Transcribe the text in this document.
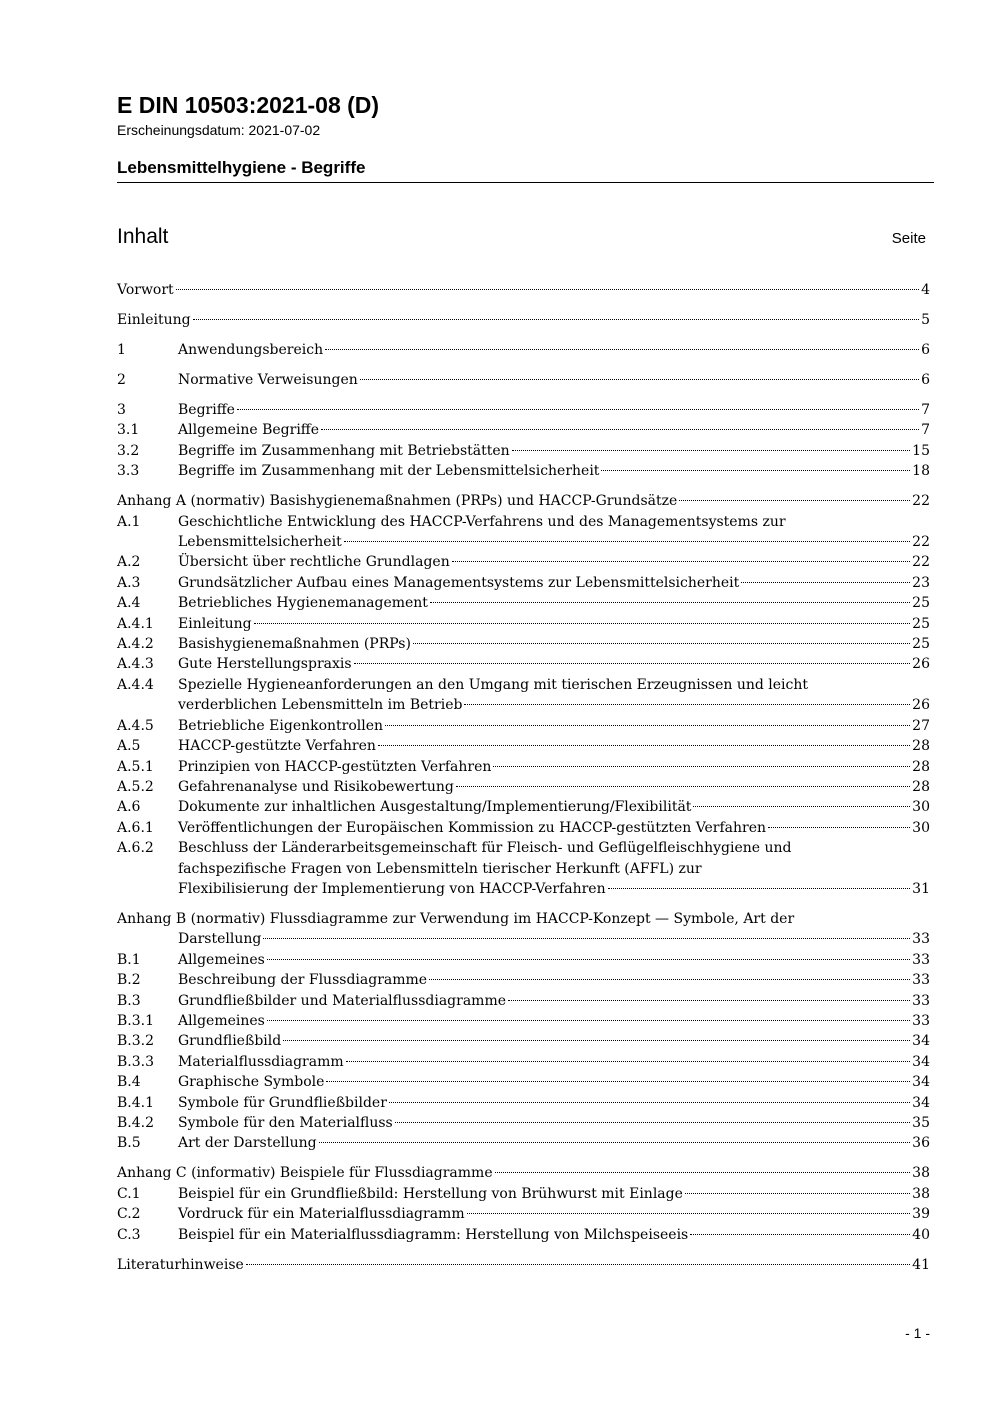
E DIN 10503:2021-08 (D)
Erscheinungsdatum: 2021-07-02
Lebensmittelhygiene - Begriffe
Inhalt	Seite
Vorwort	4
Einleitung	5
1	Anwendungsbereich	6
2	Normative Verweisungen	6
3	Begriffe	7
3.1	Allgemeine Begriffe	7
3.2	Begriffe im Zusammenhang mit Betriebstätten	15
3.3	Begriffe im Zusammenhang mit der Lebensmittelsicherheit	18
Anhang A (normativ) Basishygienemaßnahmen (PRPs) und HACCP-Grundsätze	22
A.1	Geschichtliche Entwicklung des HACCP-Verfahrens und des Managementsystems zur
Lebensmittelsicherheit	22
A.2	Übersicht über rechtliche Grundlagen	22
A.3	Grundsätzlicher Aufbau eines Managementsystems zur Lebensmittelsicherheit	23
A.4	Betriebliches Hygienemanagement	25
A.4.1	Einleitung	25
A.4.2	Basishygienemaßnahmen (PRPs)	25
A.4.3	Gute Herstellungspraxis	26
A.4.4	Spezielle Hygieneanforderungen an den Umgang mit tierischen Erzeugnissen und leicht
verderblichen Lebensmitteln im Betrieb	26
A.4.5	Betriebliche Eigenkontrollen	27
A.5	HACCP-gestützte Verfahren	28
A.5.1	Prinzipien von HACCP-gestützten Verfahren	28
A.5.2	Gefahrenanalyse und Risikobewertung	28
A.6	Dokumente zur inhaltlichen Ausgestaltung/Implementierung/Flexibilität	30
A.6.1	Veröffentlichungen der Europäischen Kommission zu HACCP-gestützten Verfahren	30
A.6.2	Beschluss der Länderarbeitsgemeinschaft für Fleisch- und Geflügelfleischhygiene und
fachspezifische Fragen von Lebensmitteln tierischer Herkunft (AFFL) zur
Flexibilisierung der Implementierung von HACCP-Verfahren	31
Anhang B (normativ) Flussdiagramme zur Verwendung im HACCP-Konzept — Symbole, Art der
Darstellung	33
B.1	Allgemeines	33
B.2	Beschreibung der Flussdiagramme	33
B.3	Grundfließbilder und Materialflussdiagramme	33
B.3.1	Allgemeines	33
B.3.2	Grundfließbild	34
B.3.3	Materialflussdiagramm	34
B.4	Graphische Symbole	34
B.4.1	Symbole für Grundfließbilder	34
B.4.2	Symbole für den Materialfluss	35
B.5	Art der Darstellung	36
Anhang C (informativ) Beispiele für Flussdiagramme	38
C.1	Beispiel für ein Grundfließbild: Herstellung von Brühwurst mit Einlage	38
C.2	Vordruck für ein Materialflussdiagramm	39
C.3	Beispiel für ein Materialflussdiagramm: Herstellung von Milchspeiseeis	40
Literaturhinweise	41
- 1 -
